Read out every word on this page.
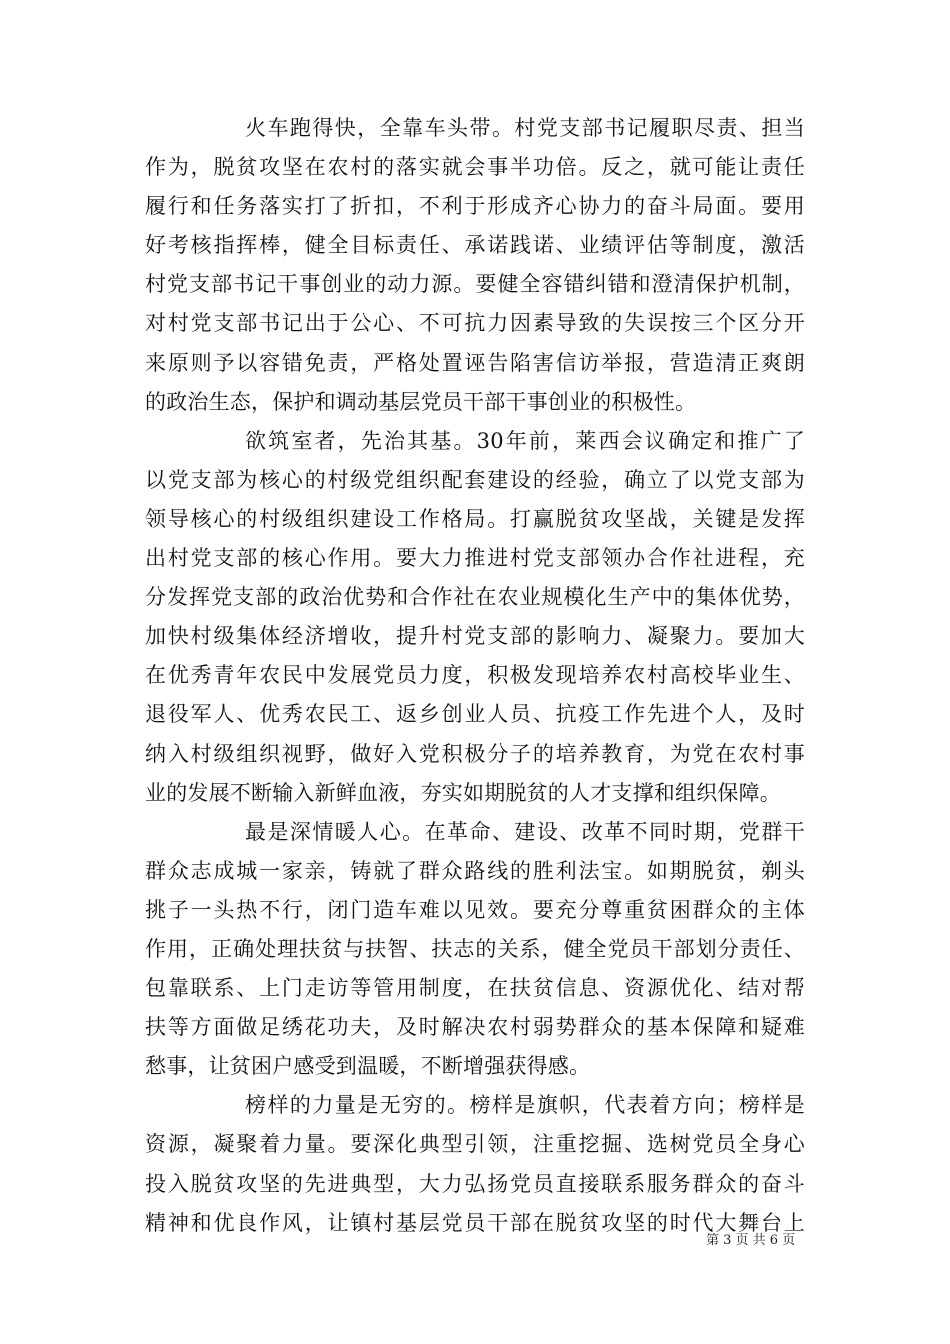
火车跑得快，全靠车头带。村党支部书记履职尽责、担当
作为，脱贫攻坚在农村的落实就会事半功倍。反之，就可能让责任
履行和任务落实打了折扣，不利于形成齐心协力的奋斗局面。要用
好考核指挥棒，健全目标责任、承诺践诺、业绩评估等制度，激活
村党支部书记干事创业的动力源。要健全容错纠错和澄清保护机制，
对村党支部书记出于公心、不可抗力因素导致的失误按三个区分开
来原则予以容错免责，严格处置诬告陷害信访举报，营造清正爽朗
的政治生态，保护和调动基层党员干部干事创业的积极性。
欲筑室者，先治其基。30年前，莱西会议确定和推广了
以党支部为核心的村级党组织配套建设的经验，确立了以党支部为
领导核心的村级组织建设工作格局。打赢脱贫攻坚战，关键是发挥
出村党支部的核心作用。要大力推进村党支部领办合作社进程，充
分发挥党支部的政治优势和合作社在农业规模化生产中的集体优势，
加快村级集体经济增收，提升村党支部的影响力、凝聚力。要加大
在优秀青年农民中发展党员力度，积极发现培养农村高校毕业生、
退役军人、优秀农民工、返乡创业人员、抗疫工作先进个人，及时
纳入村级组织视野，做好入党积极分子的培养教育，为党在农村事
业的发展不断输入新鲜血液，夯实如期脱贫的人才支撑和组织保障。
最是深情暖人心。在革命、建设、改革不同时期，党群干
群众志成城一家亲，铸就了群众路线的胜利法宝。如期脱贫，剃头
挑子一头热不行，闭门造车难以见效。要充分尊重贫困群众的主体
作用，正确处理扶贫与扶智、扶志的关系，健全党员干部划分责任、
包靠联系、上门走访等管用制度，在扶贫信息、资源优化、结对帮
扶等方面做足绣花功夫，及时解决农村弱势群众的基本保障和疑难
愁事，让贫困户感受到温暖，不断增强获得感。
榜样的力量是无穷的。榜样是旗帜，代表着方向；榜样是
资源，凝聚着力量。要深化典型引领，注重挖掘、选树党员全身心
投入脱贫攻坚的先进典型，大力弘扬党员直接联系服务群众的奋斗
精神和优良作风，让镇村基层党员干部在脱贫攻坚的时代大舞台上
第 3 页 共 6 页
